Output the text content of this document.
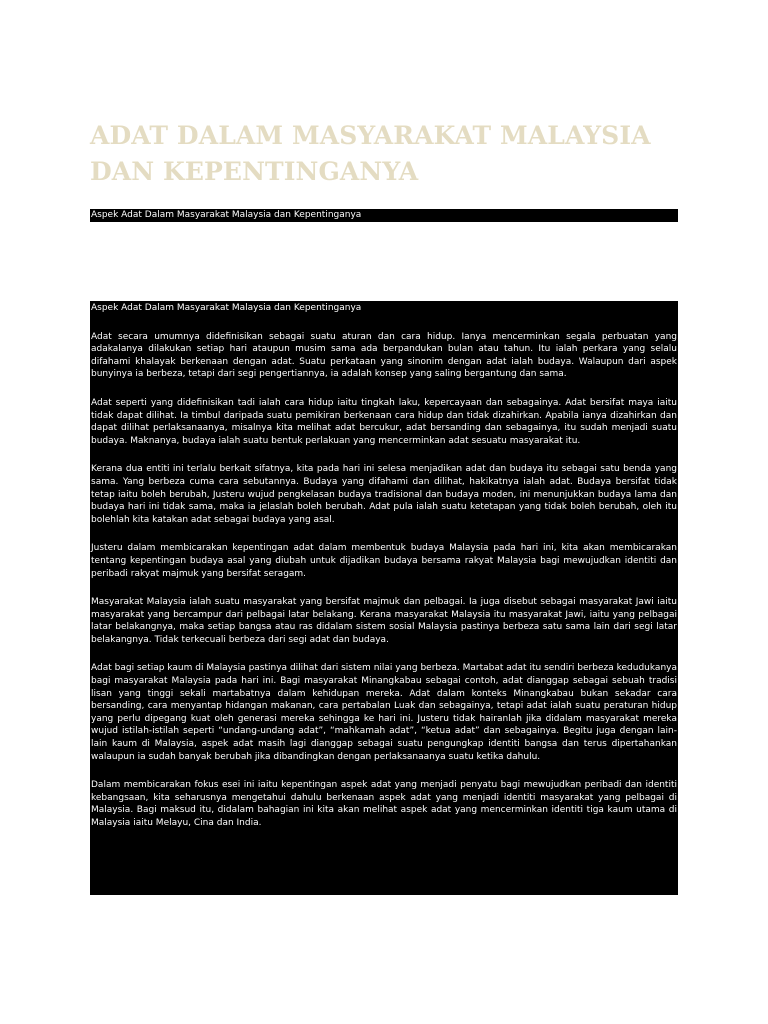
ADAT DALAM MASYARAKAT MALAYSIA DAN KEPENTINGANYA
Aspek Adat Dalam Masyarakat Malaysia dan Kepentinganya

Aspek Adat Dalam Masyarakat Malaysia dan Kepentinganya

Adat secara umumnya didefinisikan sebagai suatu aturan dan cara hidup. Ianya mencerminkan segala perbuatan yang adakalanya dilakukan setiap hari ataupun musim sama ada berpandukan bulan atau tahun. Itu ialah perkara yang selalu difahami khalayak berkenaan dengan adat. Suatu perkataan yang sinonim dengan adat ialah budaya. Walaupun dari aspek bunyinya ia berbeza, tetapi dari segi pengertiannya, ia adalah konsep yang saling bergantung dan sama.

Adat seperti yang didefinisikan tadi ialah cara hidup iaitu tingkah laku, kepercayaan dan sebagainya. Adat bersifat maya iaitu tidak dapat dilihat. Ia timbul daripada suatu pemikiran berkenaan cara hidup dan tidak dizahirkan. Apabila ianya dizahirkan dan dapat dilihat perlaksanaanya, misalnya kita melihat adat bercukur, adat bersanding dan sebagainya, itu sudah menjadi suatu budaya. Maknanya, budaya ialah suatu bentuk perlakuan yang mencerminkan adat sesuatu masyarakat itu.

Kerana dua entiti ini terlalu berkait sifatnya, kita pada hari ini selesa menjadikan adat dan budaya itu sebagai satu benda yang sama. Yang berbeza cuma cara sebutannya. Budaya yang difahami dan dilihat, hakikatnya ialah adat. Budaya bersifat tidak tetap iaitu boleh berubah, Justeru wujud pengkelasan budaya tradisional dan budaya moden, ini menunjukkan budaya lama dan budaya hari ini tidak sama, maka ia jelaslah boleh berubah. Adat pula ialah suatu ketetapan yang tidak boleh berubah, oleh itu bolehlah kita katakan adat sebagai budaya yang asal.

Justeru dalam membicarakan kepentingan adat dalam membentuk budaya Malaysia pada hari ini, kita akan membicarakan tentang kepentingan budaya asal yang diubah untuk dijadikan budaya bersama rakyat Malaysia bagi mewujudkan identiti dan peribadi rakyat majmuk yang bersifat seragam.

Masyarakat Malaysia ialah suatu masyarakat yang bersifat majmuk dan pelbagai. Ia juga disebut sebagai masyarakat Jawi iaitu masyarakat yang bercampur dari pelbagai latar belakang. Kerana masyarakat Malaysia itu masyarakat Jawi, iaitu yang pelbagai latar belakangnya, maka setiap bangsa atau ras didalam sistem sosial Malaysia pastinya berbeza satu sama lain dari segi latar belakangnya. Tidak terkecuali berbeza dari segi adat dan budaya.

Adat bagi setiap kaum di Malaysia pastinya dilihat dari sistem nilai yang berbeza. Martabat adat itu sendiri berbeza kedudukanya bagi masyarakat Malaysia pada hari ini. Bagi masyarakat Minangkabau sebagai contoh, adat dianggap sebagai sebuah tradisi lisan yang tinggi sekali martabatnya dalam kehidupan mereka. Adat dalam konteks Minangkabau bukan sekadar cara bersanding, cara menyantap hidangan makanan, cara pertabalan Luak dan sebagainya, tetapi adat ialah suatu peraturan hidup yang perlu dipegang kuat oleh generasi mereka sehingga ke hari ini. Justeru tidak hairanlah jika didalam masyarakat mereka wujud istilah-istilah seperti “undang-undang adat”, “mahkamah adat”, “ketua adat” dan sebagainya. Begitu juga dengan lain-lain kaum di Malaysia, aspek adat masih lagi dianggap sebagai suatu pengungkap identiti bangsa dan terus dipertahankan walaupun ia sudah banyak berubah jika dibandingkan dengan perlaksanaanya suatu ketika dahulu.

Dalam membicarakan fokus esei ini iaitu kepentingan aspek adat yang menjadi penyatu bagi mewujudkan peribadi dan identiti kebangsaan, kita seharusnya mengetahui dahulu berkenaan aspek adat yang menjadi identiti masyarakat yang pelbagai di Malaysia. Bagi maksud itu, didalam bahagian ini kita akan melihat aspek adat yang mencerminkan identiti tiga kaum utama di Malaysia iaitu Melayu, Cina dan India.
